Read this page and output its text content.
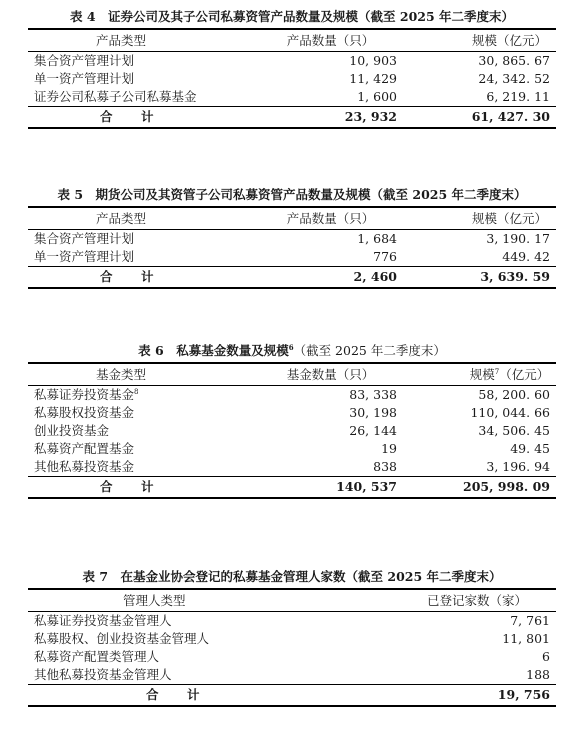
表 4　证券公司及其子公司私募资管产品数量及规模（截至 2025 年二季度末）
产品类型	产品数量（只）	规模（亿元）
集合资产管理计划	10, 903	30, 865. 67
单一资产管理计划	11, 429	24, 342. 52
证券公司私募子公司私募基金	1, 600	6, 219. 11
合　计	23, 932	61, 427. 30
表 5　期货公司及其资管子公司私募资管产品数量及规模（截至 2025 年二季度末）
产品类型	产品数量（只）	规模（亿元）
集合资产管理计划	1, 684	3, 190. 17
单一资产管理计划	776	449. 42
合　计	2, 460	3, 639. 59
表 6　私募基金数量及规模$^6$（截至 2025 年二季度末）
基金类型	基金数量（只）	规模$^7$（亿元）
私募证券投资基金$^8$	83, 338	58, 200. 60
私募股权投资基金	30, 198	110, 044. 66
创业投资基金	26, 144	34, 506. 45
私募资产配置基金	19	49. 45
其他私募投资基金	838	3, 196. 94
合　计	140, 537	205, 998. 09
表 7　在基金业协会登记的私募基金管理人家数（截至 2025 年二季度末）
管理人类型	已登记家数（家）
私募证券投资基金管理人	7, 761
私募股权、创业投资基金管理人	11, 801
私募资产配置类管理人	6
其他私募投资基金管理人	188
合　计	19, 756
